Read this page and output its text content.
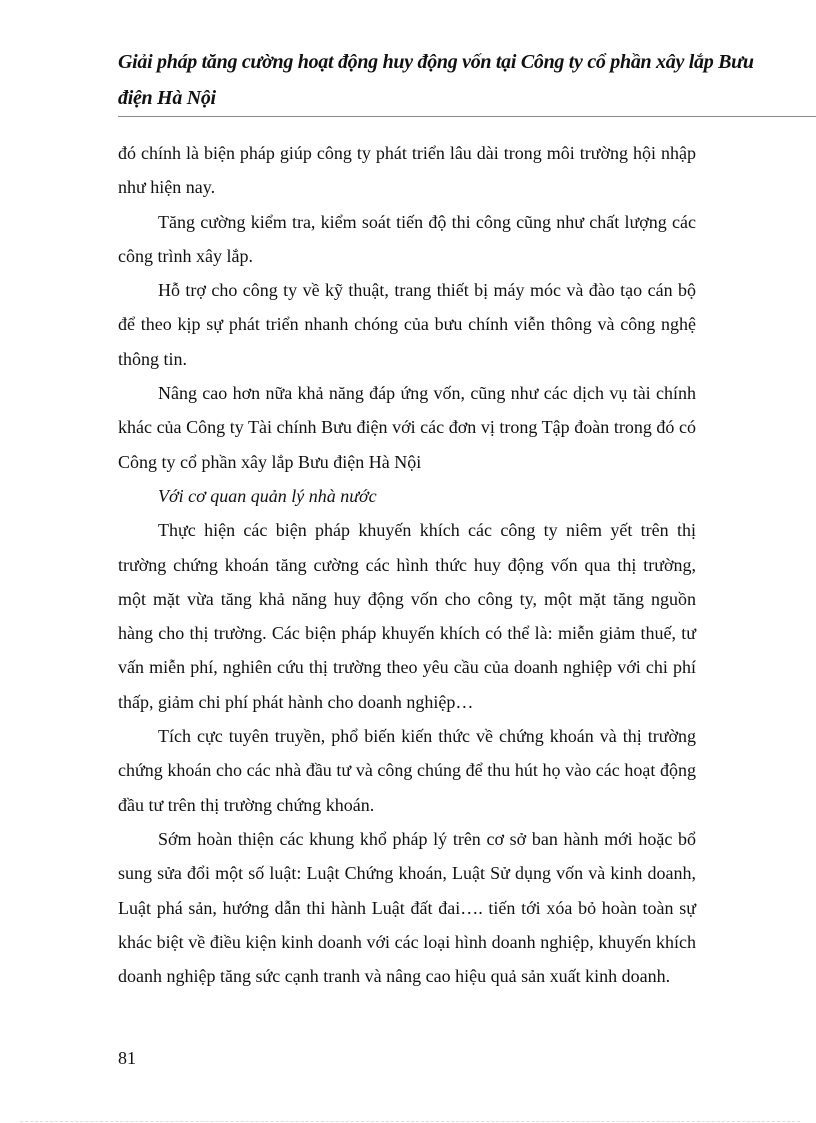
Giải pháp tăng cường hoạt động huy động vốn tại Công ty cổ phần xây lắp Bưu điện Hà Nội

đó chính là biện pháp giúp công ty phát triển lâu dài trong môi trường hội nhập như hiện nay.

Tăng cường kiểm tra, kiểm soát tiến độ thi công cũng như chất lượng các công trình xây lắp.

Hỗ trợ cho công ty về kỹ thuật, trang thiết bị máy móc và đào tạo cán bộ để theo kịp sự phát triển nhanh chóng của bưu chính viễn thông và công nghệ thông tin.

Nâng cao hơn nữa khả năng đáp ứng vốn, cũng như các dịch vụ tài chính khác của Công ty Tài chính Bưu điện với các đơn vị trong Tập đoàn trong đó có Công ty cổ phần xây lắp Bưu điện Hà Nội

Với cơ quan quản lý nhà nước

Thực hiện các biện pháp khuyến khích các công ty niêm yết trên thị trường chứng khoán tăng cường các hình thức huy động vốn qua thị trường, một mặt vừa tăng khả năng huy động vốn cho công ty, một mặt tăng nguồn hàng cho thị trường. Các biện pháp khuyến khích có thể là: miễn giảm thuế, tư vấn miễn phí, nghiên cứu thị trường theo yêu cầu của doanh nghiệp với chi phí thấp, giảm chi phí phát hành cho doanh nghiệp…

Tích cực tuyên truyền, phổ biến kiến thức về chứng khoán và thị trường chứng khoán cho các nhà đầu tư và công chúng để thu hút họ vào các hoạt động đầu tư trên thị trường chứng khoán.

Sớm hoàn thiện các khung khổ pháp lý trên cơ sở ban hành mới hoặc bổ sung sửa đổi một số luật: Luật Chứng khoán, Luật Sử dụng vốn và kinh doanh, Luật phá sản, hướng dẫn thi hành Luật đất đai…. tiến tới xóa bỏ hoàn toàn sự khác biệt về điều kiện kinh doanh với các loại hình doanh nghiệp, khuyến khích doanh nghiệp tăng sức cạnh tranh và nâng cao hiệu quả sản xuất kinh doanh.

81
